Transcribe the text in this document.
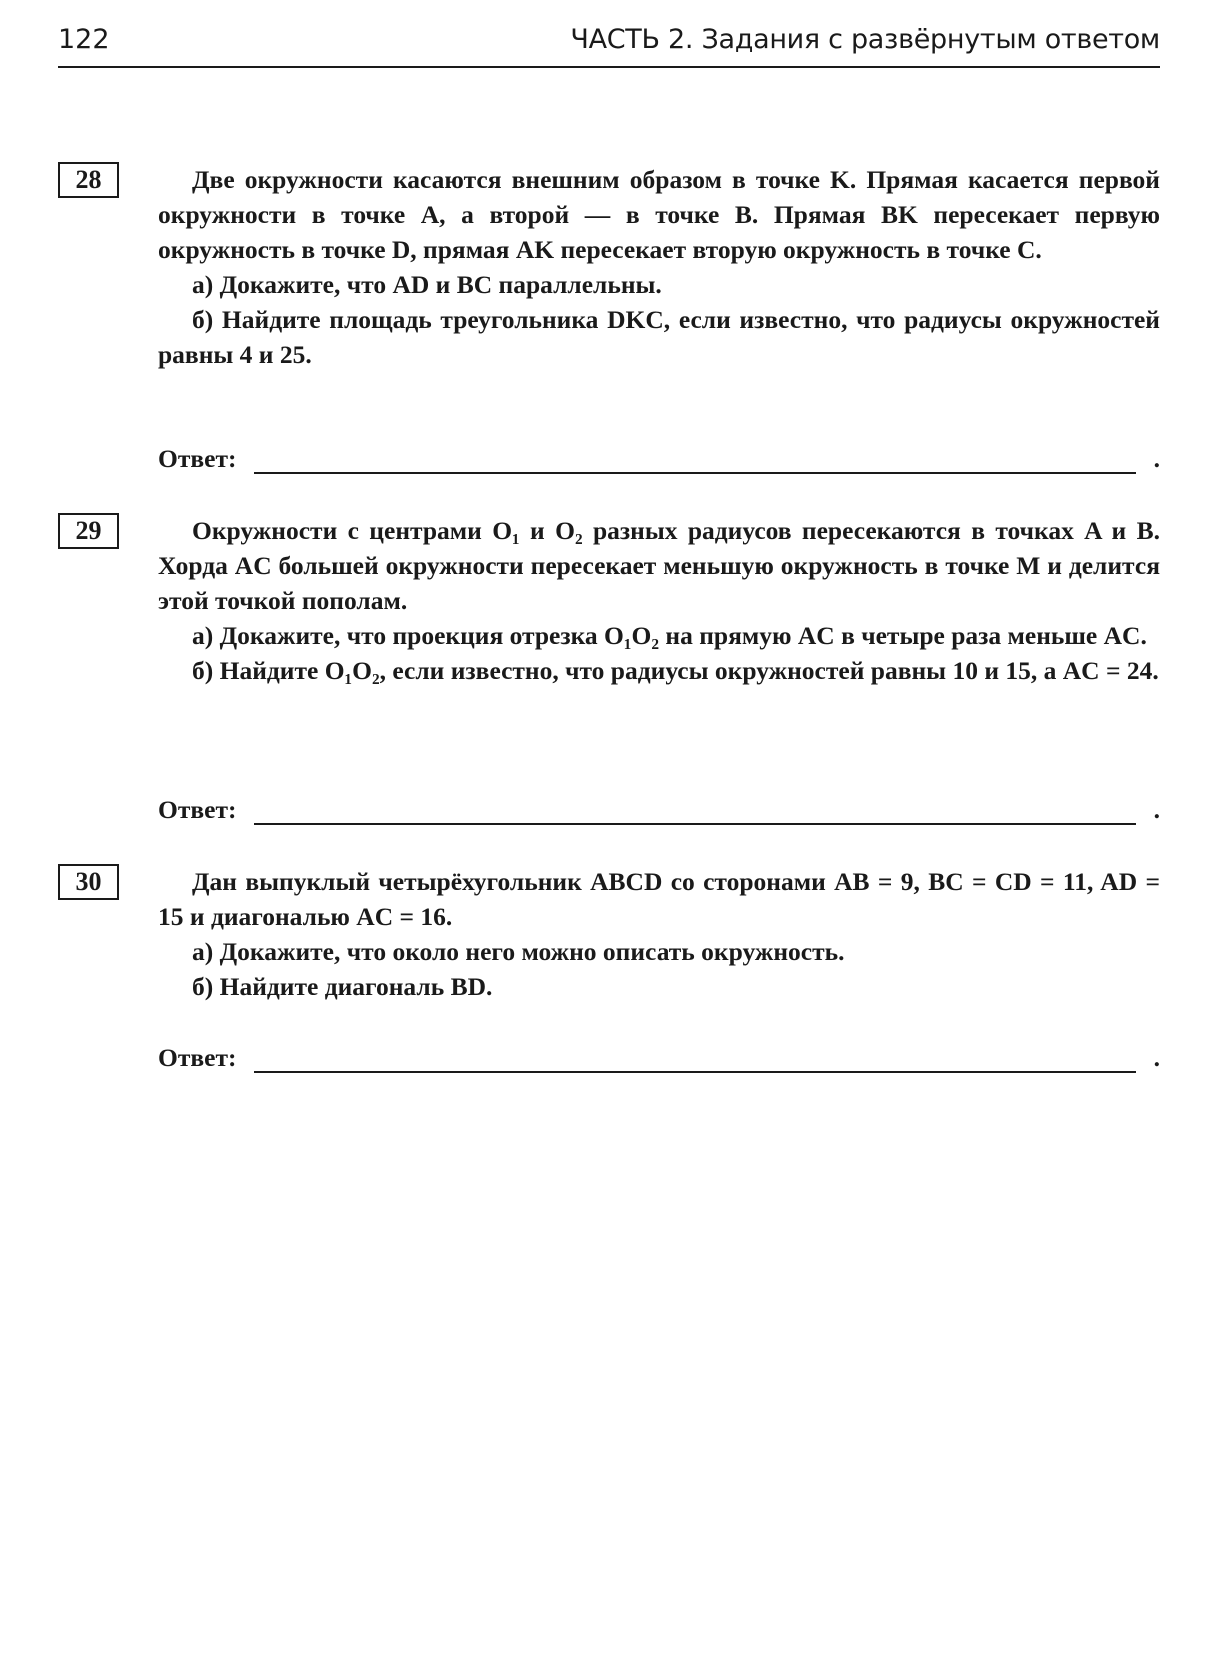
122	ЧАСТЬ 2. Задания с развёрнутым ответом
28	Две окружности касаются внешним образом в точке K. Прямая касается первой окружности в точке A, а второй — в точке B. Прямая BK пересекает первую окружность в точке D, прямая AK пересекает вторую окружность в точке C.

а) Докажите, что AD и BC параллельны.

б) Найдите площадь треугольника DKC, если известно, что радиусы окружностей равны 4 и 25.

Ответ:	.
29	Окружности с центрами O₁ и O₂ разных радиусов пересекаются в точках A и B. Хорда AC большей окружности пересекает меньшую окружность в точке M и делится этой точкой пополам.

а) Докажите, что проекция отрезка O₁O₂ на прямую AC в четыре раза меньше AC.

б) Найдите O₁O₂, если известно, что радиусы окружностей равны 10 и 15, а AC = 24.

Ответ:	.
30	Дан выпуклый четырёхугольник ABCD со сторонами AB = 9, BC = CD = 11, AD = 15 и диагональю AC = 16.

а) Докажите, что около него можно описать окружность.

б) Найдите диагональ BD.

Ответ:	.
